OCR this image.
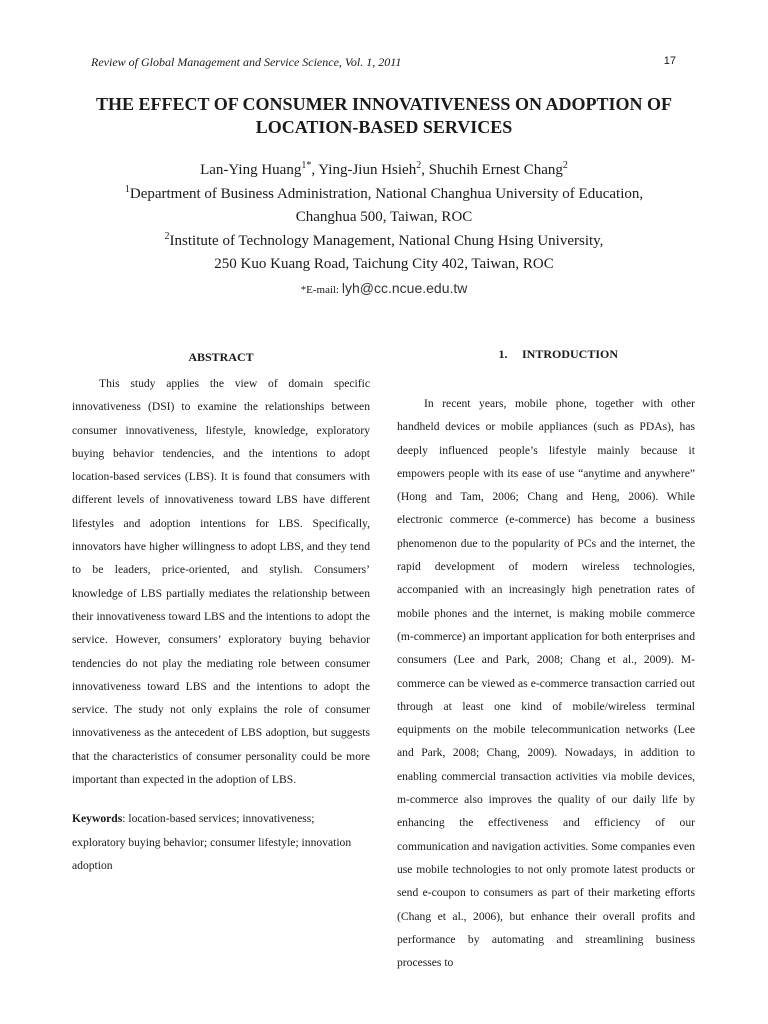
Review of Global Management and Service Science, Vol. 1, 2011	17
THE EFFECT OF CONSUMER INNOVATIVENESS ON ADOPTION OF LOCATION-BASED SERVICES
Lan-Ying Huang$^{1*}$, Ying-Jiun Hsieh$^2$, Shuchih Ernest Chang$^2$
$^1$Department of Business Administration, National Changhua University of Education,
Changhua 500, Taiwan, ROC
$^2$Institute of Technology Management, National Chung Hsing University,
250 Kuo Kuang Road, Taichung City 402, Taiwan, ROC
*E-mail: lyh@cc.ncue.edu.tw
ABSTRACT

This study applies the view of domain specific innovativeness (DSI) to examine the relationships between consumer innovativeness, lifestyle, knowledge, exploratory buying behavior tendencies, and the intentions to adopt location-based services (LBS). It is found that consumers with different levels of innovativeness toward LBS have different lifestyles and adoption intentions for LBS. Specifically, innovators have higher willingness to adopt LBS, and they tend to be leaders, price-oriented, and stylish. Consumers’ knowledge of LBS partially mediates the relationship between their innovativeness toward LBS and the intentions to adopt the service. However, consumers’ exploratory buying behavior tendencies do not play the mediating role between consumer innovativeness toward LBS and the intentions to adopt the service. The study not only explains the role of consumer innovativeness as the antecedent of LBS adoption, but suggests that the characteristics of consumer personality could be more important than expected in the adoption of LBS.

Keywords: location-based services; innovativeness; exploratory buying behavior; consumer lifestyle; innovation adoption

1. INTRODUCTION

In recent years, mobile phone, together with other handheld devices or mobile appliances (such as PDAs), has deeply influenced people’s lifestyle mainly because it empowers people with its ease of use “anytime and anywhere” (Hong and Tam, 2006; Chang and Heng, 2006). While electronic commerce (e-commerce) has become a business phenomenon due to the popularity of PCs and the internet, the rapid development of modern wireless technologies, accompanied with an increasingly high penetration rates of mobile phones and the internet, is making mobile commerce (m-commerce) an important application for both enterprises and consumers (Lee and Park, 2008; Chang et al., 2009). M-commerce can be viewed as e-commerce transaction carried out through at least one kind of mobile/wireless terminal equipments on the mobile telecommunication networks (Lee and Park, 2008; Chang, 2009). Nowadays, in addition to enabling commercial transaction activities via mobile devices, m-commerce also improves the quality of our daily life by enhancing the effectiveness and efficiency of our communication and navigation activities. Some companies even use mobile technologies to not only promote latest products or send e-coupon to consumers as part of their marketing efforts (Chang et al., 2006), but enhance their overall profits and performance by automating and streamlining business processes to
